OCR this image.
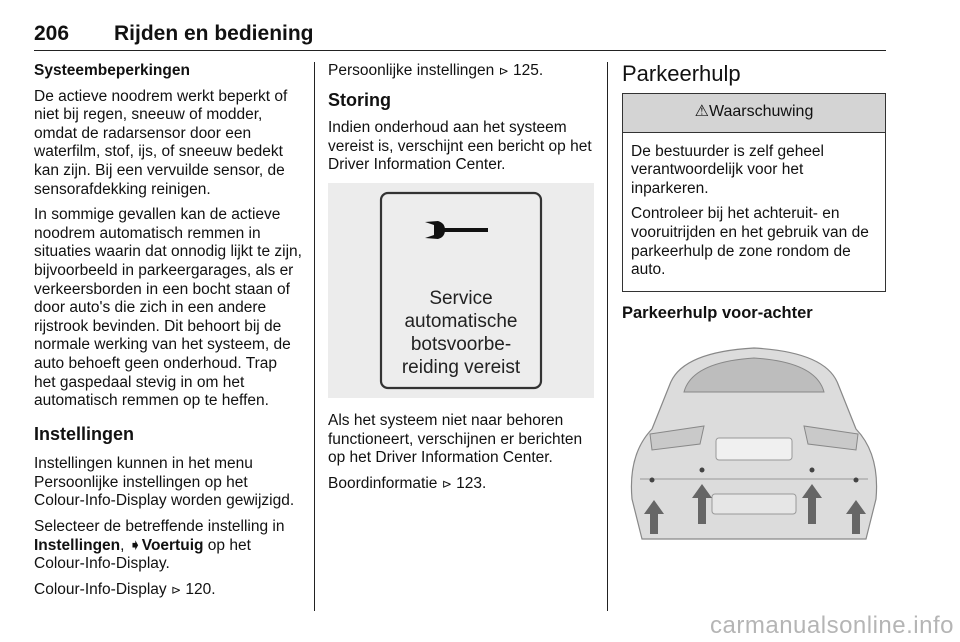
206 Rijden en bediening

Systeembeperkingen

De actieve noodrem werkt beperkt of niet bij regen, sneeuw of modder, omdat de radarsensor door een waterfilm, stof, ijs, of sneeuw bedekt kan zijn. Bij een vervuilde sensor, de sensorafdekking reinigen.

In sommige gevallen kan de actieve noodrem automatisch remmen in situaties waarin dat onnodig lijkt te zijn, bijvoorbeeld in parkeergarages, als er verkeersborden in een bocht staan of door auto's die zich in een andere rijstrook bevinden. Dit behoort bij de normale werking van het systeem, de auto behoeft geen onderhoud. Trap het gaspedaal stevig in om het automatisch remmen op te heffen.

Instellingen

Instellingen kunnen in het menu Persoonlijke instellingen op het Colour-Info-Display worden gewijzigd.

Selecteer de betreffende instelling in Instellingen, ➧Voertuig op het Colour-Info-Display.

Colour-Info-Display ⊳ 120.

Persoonlijke instellingen ⊳ 125.

Storing

Indien onderhoud aan het systeem vereist is, verschijnt een bericht op het Driver Information Center.

Service
automatische
botsvoorbe-
reiding vereist

Als het systeem niet naar behoren functioneert, verschijnen er berichten op het Driver Information Center.

Boordinformatie ⊳ 123.

Parkeerhulp
⚠ Waarschuwing

De bestuurder is zelf geheel verantwoordelijk voor het inparkeren.

Controleer bij het achteruit- en vooruitrijden en het gebruik van de parkeerhulp de zone rondom de auto.

Parkeerhulp voor-achter
carmanualsonline.info
